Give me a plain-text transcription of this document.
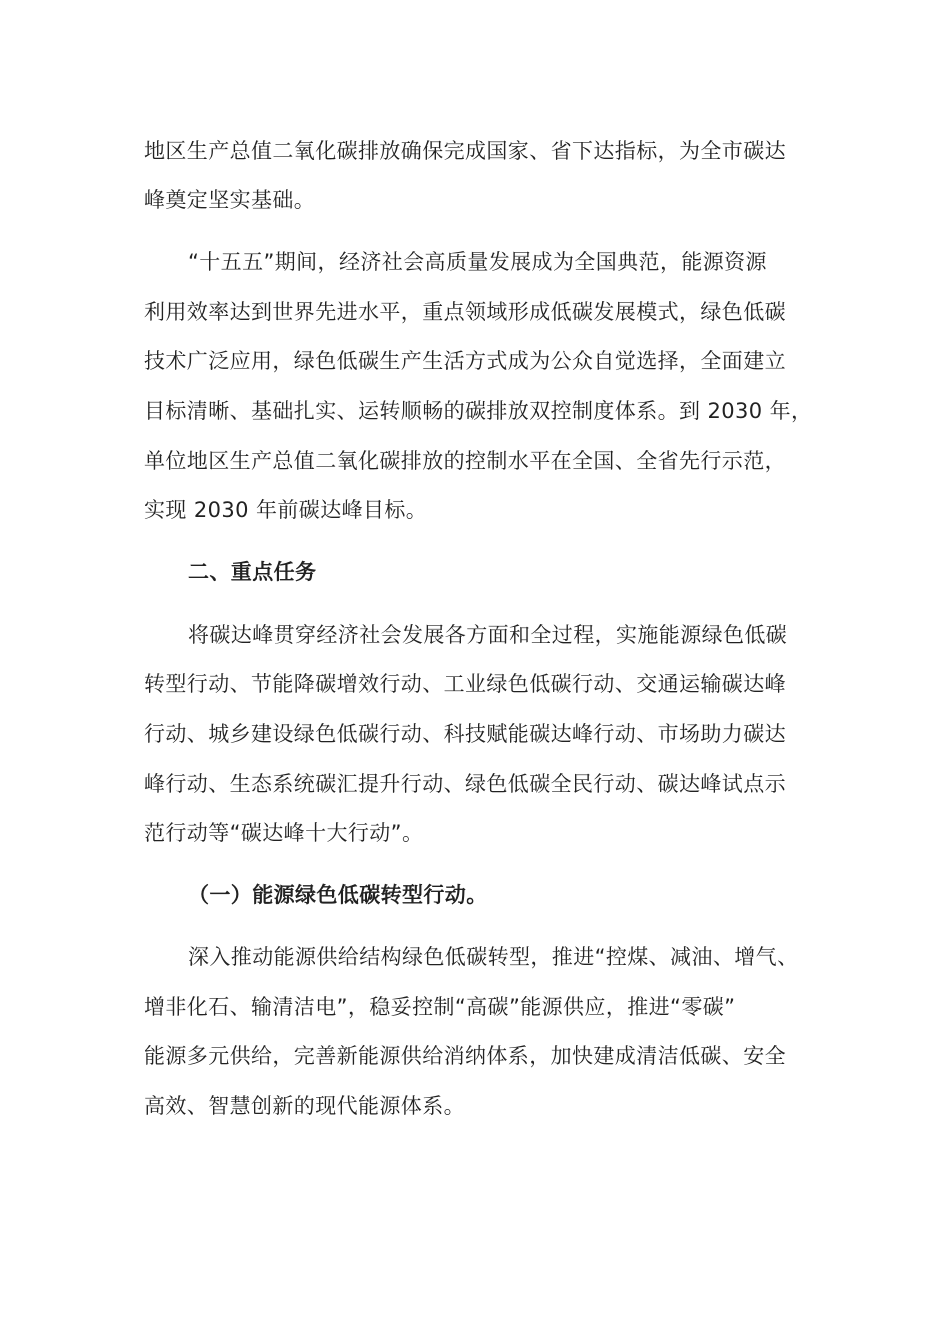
地区生产总值二氧化碳排放确保完成国家、省下达指标，为全市碳达
峰奠定坚实基础。
“十五五”期间，经济社会高质量发展成为全国典范，能源资源
利用效率达到世界先进水平，重点领域形成低碳发展模式，绿色低碳
技术广泛应用，绿色低碳生产生活方式成为公众自觉选择，全面建立
目标清晰、基础扎实、运转顺畅的碳排放双控制度体系。到 2030 年，
单位地区生产总值二氧化碳排放的控制水平在全国、全省先行示范，
实现 2030 年前碳达峰目标。
二、重点任务
将碳达峰贯穿经济社会发展各方面和全过程，实施能源绿色低碳
转型行动、节能降碳增效行动、工业绿色低碳行动、交通运输碳达峰
行动、城乡建设绿色低碳行动、科技赋能碳达峰行动、市场助力碳达
峰行动、生态系统碳汇提升行动、绿色低碳全民行动、碳达峰试点示
范行动等“碳达峰十大行动”。
（一）能源绿色低碳转型行动。
深入推动能源供给结构绿色低碳转型，推进“控煤、减油、增气、
增非化石、输清洁电”，稳妥控制“高碳”能源供应，推进“零碳”
能源多元供给，完善新能源供给消纳体系，加快建成清洁低碳、安全
高效、智慧创新的现代能源体系。
